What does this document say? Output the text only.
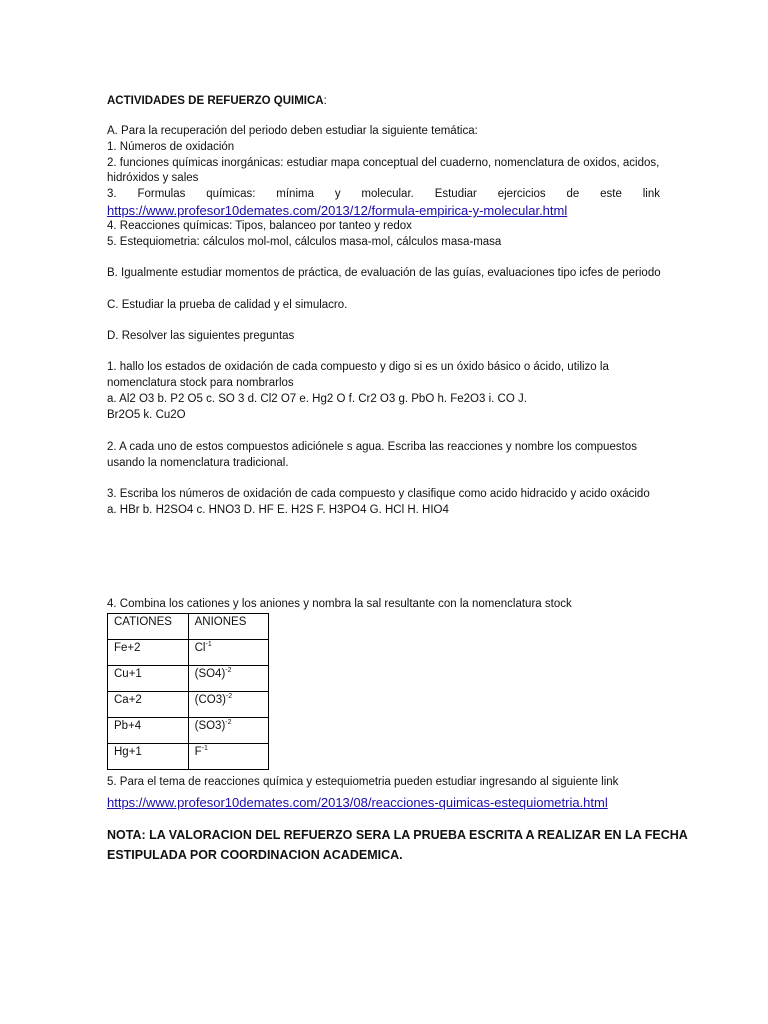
ACTIVIDADES DE REFUERZO QUIMICA:
A. Para la recuperación del periodo deben estudiar la siguiente temática:
1. Números de oxidación
2. funciones químicas inorgánicas: estudiar mapa conceptual del cuaderno, nomenclatura de oxidos, acidos,
hidróxidos y sales
3. Formulas químicas: mínima y molecular. Estudiar ejercicios de este link
https://www.profesor10demates.com/2013/12/formula-empirica-y-molecular.html
4. Reacciones químicas: Tipos, balanceo por tanteo y redox
5. Estequiometria: cálculos mol-mol, cálculos masa-mol, cálculos masa-masa
B. Igualmente estudiar momentos de práctica, de evaluación de las guías, evaluaciones tipo icfes de periodo
C. Estudiar la prueba de calidad y el simulacro.
D. Resolver las siguientes preguntas
1. hallo los estados de oxidación de cada compuesto y digo si es un óxido básico o ácido, utilizo la
nomenclatura stock para nombrarlos
a. Al2 O3 b. P2 O5 c. SO 3 d. Cl2 O7 e. Hg2 O f. Cr2 O3 g. PbO h. Fe2O3 i. CO J.
Br2O5 k. Cu2O
2. A cada uno de estos compuestos adiciónele s agua. Escriba las reacciones y nombre los compuestos
usando la nomenclatura tradicional.
3. Escriba los números de oxidación de cada compuesto y clasifique como acido hidracido y acido oxácido
a. HBr b. H2SO4 c. HNO3 D. HF E. H2S F. H3PO4 G. HCl H. HIO4
4. Combina los cationes y los aniones y nombra la sal resultante con la nomenclatura stock
CATIONES	ANIONES
Fe+2	$Cl^{-1}$
Cu+1	$(SO4)^{-2}$
Ca+2	$(CO3)^{-2}$
Pb+4	$(SO3)^{-2}$
Hg+1	$F^{-1}$
5. Para el tema de reacciones química y estequiometria pueden estudiar ingresando al siguiente link
https://www.profesor10demates.com/2013/08/reacciones-quimicas-estequiometria.html
NOTA: LA VALORACION DEL REFUERZO SERA LA PRUEBA ESCRITA A REALIZAR EN LA FECHA
ESTIPULADA POR COORDINACION ACADEMICA.
